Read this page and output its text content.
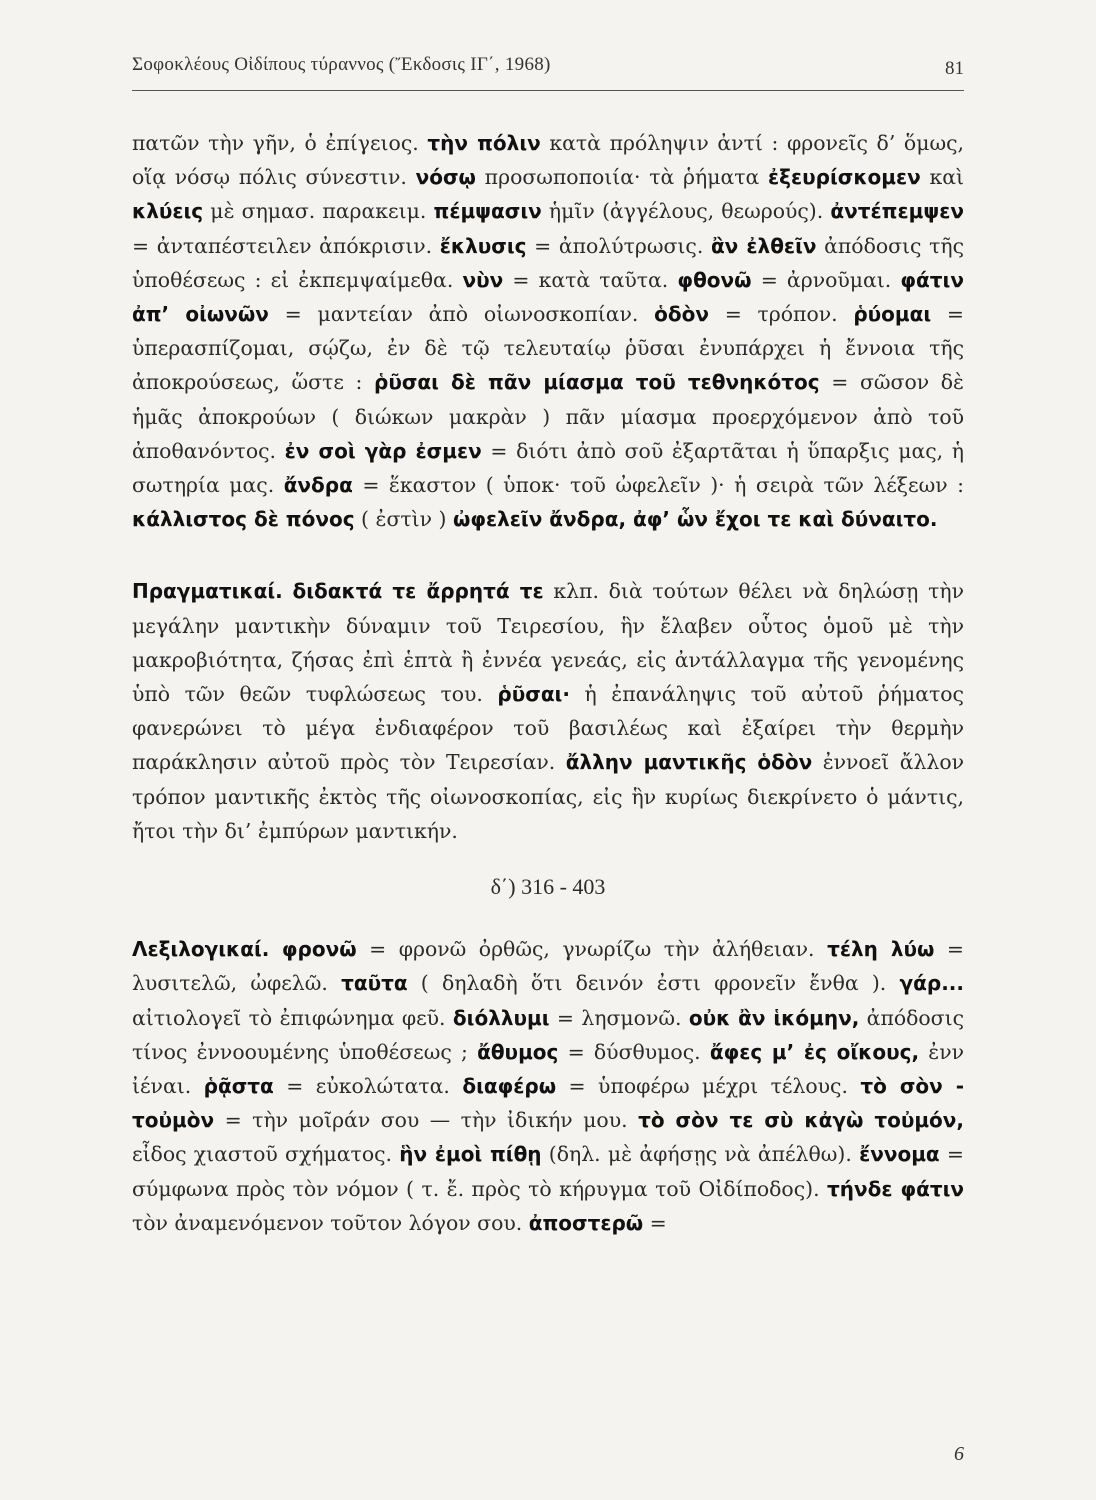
Σοφοκλέους Οἰδίπους τύραννος (Ἔκδοσις ΙΓ΄, 1968)	81

πατῶν τὴν γῆν, ὁ ἐπίγειος. τὴν πόλιν κατὰ πρόληψιν ἀντί : φρονεῖς δ’ ὅμως, οἵᾳ νόσῳ πόλις σύνεστιν. νόσῳ προσωποποιία· τὰ ῥήματα ἐξευρίσκομεν καὶ κλύεις μὲ σημασ. παρακειμ. πέμψασιν ἡμῖν (ἀγγέλους, θεωρούς). ἀντέπεμψεν = ἀνταπέστειλεν ἀπόκρισιν. ἔκλυσις = ἀπολύτρωσις. ἂν ἐλθεῖν ἀπόδοσις τῆς ὑποθέσεως : εἰ ἐκπεμψαίμεθα. νὺν = κατὰ ταῦτα. φθονῶ = ἀρνοῦμαι. φάτιν ἀπ’ οἰωνῶν = μαντείαν ἀπὸ οἰωνοσκοπίαν. ὁδὸν = τρόπον. ῥύομαι = ὑπερασπίζομαι, σῴζω, ἐν δὲ τῷ τελευταίῳ ῥῦσαι ἐνυπάρχει ἡ ἔννοια τῆς ἀποκρούσεως, ὥστε : ῥῦσαι δὲ πᾶν μίασμα τοῦ τεθνηκότος = σῶσον δὲ ἡμᾶς ἀποκρούων ( διώκων μακρὰν ) πᾶν μίασμα προερχόμενον ἀπὸ τοῦ ἀποθανόντος. ἐν σοὶ γὰρ ἐσμεν = διότι ἀπὸ σοῦ ἐξαρτᾶται ἡ ὕπαρξις μας, ἡ σωτηρία μας. ἄνδρα = ἕκαστον ( ὑποκ· τοῦ ὠφελεῖν )· ἡ σειρὰ τῶν λέξεων : κάλλιστος δὲ πόνος ( ἐστὶν ) ὠφελεῖν ἄνδρα, ἀφ’ ὧν ἔχοι τε καὶ δύναιτο.

Πραγματικαί. διδακτά τε ἄρρητά τε κλπ. διὰ τούτων θέλει νὰ δηλώσῃ τὴν μεγάλην μαντικὴν δύναμιν τοῦ Τειρεσίου, ἣν ἔλαβεν οὗτος ὁμοῦ μὲ τὴν μακροβιότητα, ζήσας ἐπὶ ἑπτὰ ἢ ἐννέα γενεάς, εἰς ἀντάλλαγμα τῆς γενομένης ὑπὸ τῶν θεῶν τυφλώσεως του. ῥῦσαι· ἡ ἐπανάληψις τοῦ αὐτοῦ ῥήματος φανερώνει τὸ μέγα ἐνδιαφέρον τοῦ βασιλέως καὶ ἐξαίρει τὴν θερμὴν παράκλησιν αὐτοῦ πρὸς τὸν Τειρεσίαν. ἄλλην μαντικῆς ὁδὸν ἐννοεῖ ἄλλον τρόπον μαντικῆς ἐκτὸς τῆς οἰωνοσκοπίας, εἰς ἣν κυρίως διεκρίνετο ὁ μάντις, ἤτοι τὴν δι’ ἐμπύρων μαντικήν.

δ΄) 316 - 403

Λεξιλογικαί. φρονῶ = φρονῶ ὀρθῶς, γνωρίζω τὴν ἀλήθειαν. τέλη λύω = λυσιτελῶ, ὠφελῶ. ταῦτα ( δηλαδὴ ὅτι δεινόν ἐστι φρονεῖν ἔνθα ). γάρ... αἰτιολογεῖ τὸ ἐπιφώνημα φεῦ. διόλλυμι = λησμονῶ. οὐκ ἂν ἱκόμην, ἀπόδοσις τίνος ἐννοουμένης ὑποθέσεως ; ἄθυμος = δύσθυμος. ἄφες μ’ ἐς οἴκους, ἐνν ἰέναι. ῥᾷστα = εὐκολώτατα. διαφέρω = ὑποφέρω μέχρι τέλους. τὸ σὸν - τοὐμὸν = τὴν μοῖράν σου — τὴν ἰδικήν μου. τὸ σὸν τε σὺ κἀγὼ τοὐμόν, εἶδος χιαστοῦ σχήματος. ἣν ἐμοὶ πίθῃ (δηλ. μὲ ἀφήσῃς νὰ ἀπέλθω). ἔννομα = σύμφωνα πρὸς τὸν νόμον ( τ. ἔ. πρὸς τὸ κήρυγμα τοῦ Οἰδίποδος). τήνδε φάτιν τὸν ἀναμενόμενον τοῦτον λόγον σου. ἀποστερῶ =

6
